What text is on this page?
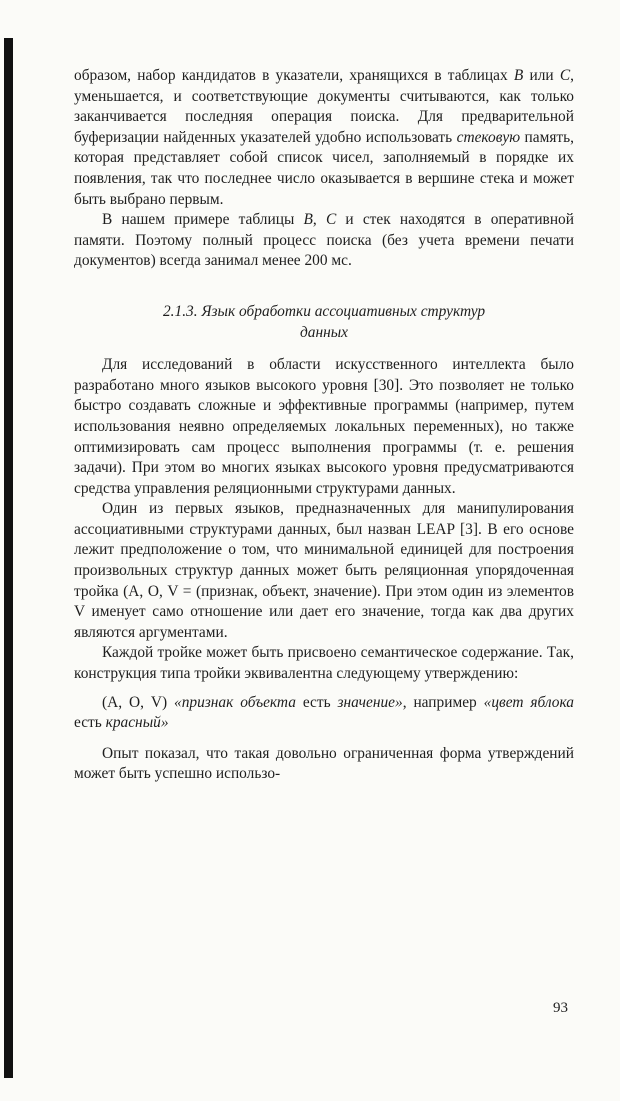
образом, набор кандидатов в указатели, хранящихся в таблицах B или C, уменьшается, и соответствующие документы считываются, как только заканчивается последняя операция поиска. Для предварительной буферизации найденных указателей удобно использовать стековую память, которая представляет собой список чисел, заполняемый в порядке их появления, так что последнее число оказывается в вершине стека и может быть выбрано первым.

В нашем примере таблицы B, C и стек находятся в оперативной памяти. Поэтому полный процесс поиска (без учета времени печати документов) всегда занимал менее 200 мс.

2.1.3. Язык обработки ассоциативных структур
данных

Для исследований в области искусственного интеллекта было разработано много языков высокого уровня [30]. Это позволяет не только быстро создавать сложные и эффективные программы (например, путем использования неявно определяемых локальных переменных), но также оптимизировать сам процесс выполнения программы (т. е. решения задачи). При этом во многих языках высокого уровня предусматриваются средства управления реляционными структурами данных.

Один из первых языков, предназначенных для манипулирования ассоциативными структурами данных, был назван LEAP [3]. В его основе лежит предположение о том, что минимальной единицей для построения произвольных структур данных может быть реляционная упорядоченная тройка (А, О, V = (признак, объект, значение). При этом один из элементов V именует само отношение или дает его значение, тогда как два других являются аргументами.

Каждой тройке может быть присвоено семантическое содержание. Так, конструкция типа тройки эквивалентна следующему утверждению:

(А, О, V) «признак объекта есть значение», например «цвет яблока есть красный»

Опыт показал, что такая довольно ограниченная форма утверждений может быть успешно использо-

93
